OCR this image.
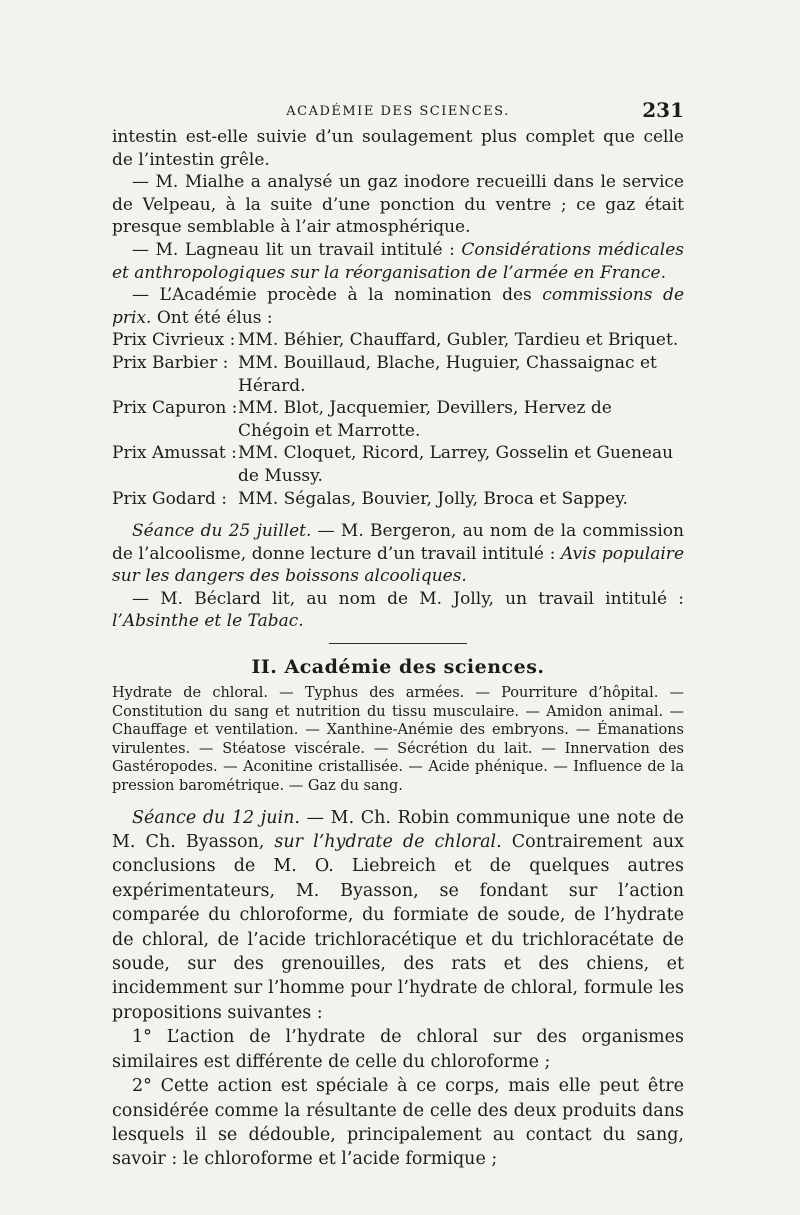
ACADÉMIE DES SCIENCES.	231

intestin est-elle suivie d’un soulagement plus complet que celle de l’intestin grêle.

— M. Mialhe a analysé un gaz inodore recueilli dans le service de Velpeau, à la suite d’une ponction du ventre ; ce gaz était presque semblable à l’air atmosphérique.

— M. Lagneau lit un travail intitulé : Considérations médicales et anthropologiques sur la réorganisation de l’armée en France.

— L’Académie procède à la nomination des commissions de prix. Ont été élus :

Prix Civrieux : MM. Béhier, Chauffard, Gubler, Tardieu et Briquet.
Prix Barbier : MM. Bouillaud, Blache, Huguier, Chassaignac et Hérard.
Prix Capuron : MM. Blot, Jacquemier, Devillers, Hervez de Chégoin et Marrotte.
Prix Amussat : MM. Cloquet, Ricord, Larrey, Gosselin et Gueneau de Mussy.
Prix Godard : MM. Ségalas, Bouvier, Jolly, Broca et Sappey.

Séance du 25 juillet. — M. Bergeron, au nom de la commission de l’alcoolisme, donne lecture d’un travail intitulé : Avis populaire sur les dangers des boissons alcooliques.

— M. Béclard lit, au nom de M. Jolly, un travail intitulé : l’Absinthe et le Tabac.

II. Académie des sciences.

Hydrate de chloral. — Typhus des armées. — Pourriture d’hôpital. — Constitution du sang et nutrition du tissu musculaire. — Amidon animal. — Chauffage et ventilation. — Xanthine-Anémie des embryons. — Émanations virulentes. — Stéatose viscérale. — Sécrétion du lait. — Innervation des Gastéropodes. — Aconitine cristallisée. — Acide phénique. — Influence de la pression barométrique. — Gaz du sang.

Séance du 12 juin. — M. Ch. Robin communique une note de M. Ch. Byasson, sur l’hydrate de chloral. Contrairement aux conclusions de M. O. Liebreich et de quelques autres expérimentateurs, M. Byasson, se fondant sur l’action comparée du chloroforme, du formiate de soude, de l’hydrate de chloral, de l’acide trichloracétique et du trichloracétate de soude, sur des grenouilles, des rats et des chiens, et incidemment sur l’homme pour l’hydrate de chloral, formule les propositions suivantes :

1° L’action de l’hydrate de chloral sur des organismes similaires est différente de celle du chloroforme ;

2° Cette action est spéciale à ce corps, mais elle peut être considérée comme la résultante de celle des deux produits dans lesquels il se dédouble, principalement au contact du sang, savoir : le chloroforme et l’acide formique ;
